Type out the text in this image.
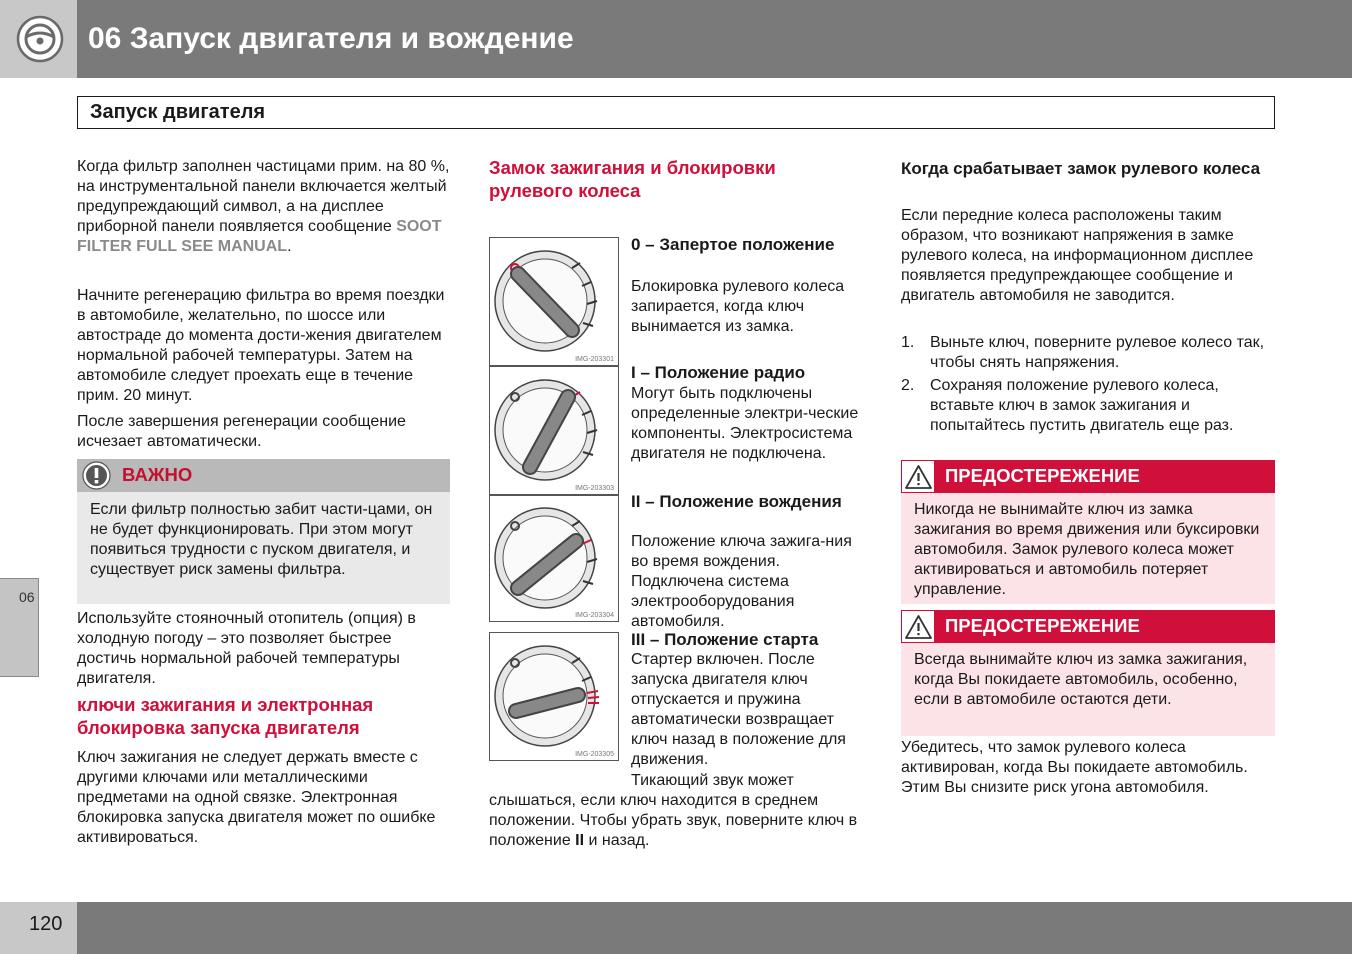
06 Запуск двигателя и вождение
Запуск двигателя
06
Когда фильтр заполнен частицами прим. на 80 %, на инструментальной панели включается желтый предупреждающий символ, а на дисплее приборной панели появляется сообщение SOOT FILTER FULL SEE MANUAL.
Начните регенерацию фильтра во время поездки в автомобиле, желательно, по шоссе или автостраде до момента дости-жения двигателем нормальной рабочей температуры. Затем на автомобиле следует проехать еще в течение прим. 20 минут.
После завершения регенерации сообщение исчезает автоматически.
ВАЖНО
Если фильтр полностью забит части-цами, он не будет функционировать. При этом могут появиться трудности с пуском двигателя, и существует риск замены фильтра.
Используйте стояночный отопитель (опция) в холодную погоду – это позволяет быстрее достичь нормальной рабочей температуры двигателя.
ключи зажигания и электронная блокировка запуска двигателя
Ключ зажигания не следует держать вместе с другими ключами или металлическими предметами на одной связке. Электронная блокировка запуска двигателя может по ошибке активироваться.
Замок зажигания и блокировки рулевого колеса
IMG-203301
IMG-203303
IMG-203304
IMG-203305
0 – Запертое положение
Блокировка рулевого колеса запирается, когда ключ вынимается из замка.
I – Положение радио
Могут быть подключены определенные электри-ческие компоненты. Электросистема двигателя не подключена.
II – Положение вождения
Положение ключа зажига-ния во время вождения. Подключена система электрооборудования автомобиля.
III – Положение старта
Стартер включен. После запуска двигателя ключ отпускается и пружина автоматически возвращает ключ назад в положение для движения.
Тикающий звук может
слышаться, если ключ находится в среднем положении. Чтобы убрать звук, поверните ключ в положение II и назад.
Когда срабатывает замок рулевого колеса
Если передние колеса расположены таким образом, что возникают напряжения в замке рулевого колеса, на информационном дисплее появляется предупреждающее сообщение и двигатель автомобиля не заводится.
1. Выньте ключ, поверните рулевое колесо так, чтобы снять напряжения.
2. Сохраняя положение рулевого колеса, вставьте ключ в замок зажигания и попытайтесь пустить двигатель еще раз.
ПРЕДОСТЕРЕЖЕНИЕ
Никогда не вынимайте ключ из замка зажигания во время движения или буксировки автомобиля. Замок рулевого колеса может активироваться и автомобиль потеряет управление.
ПРЕДОСТЕРЕЖЕНИЕ
Всегда вынимайте ключ из замка зажигания, когда Вы покидаете автомобиль, особенно, если в автомобиле остаются дети.
Убедитесь, что замок рулевого колеса активирован, когда Вы покидаете автомобиль. Этим Вы снизите риск угона автомобиля.
120
